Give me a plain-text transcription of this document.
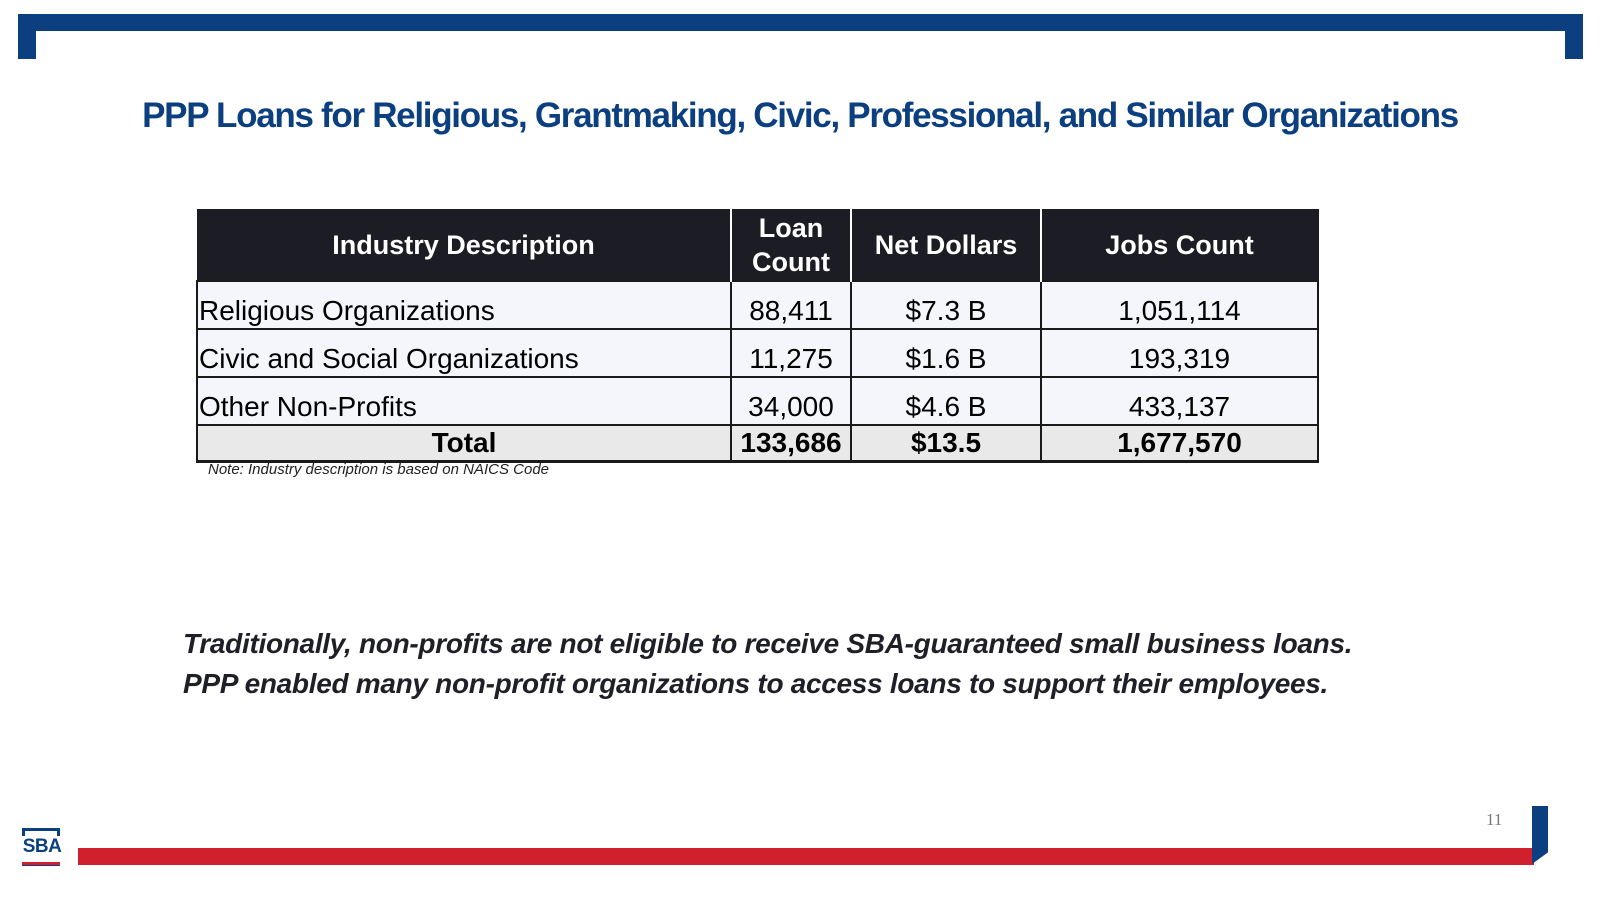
PPP Loans for Religious, Grantmaking, Civic, Professional, and Similar Organizations
Industry Description	Loan Count	Net Dollars	Jobs Count
Religious Organizations	88,411	$7.3 B	1,051,114
Civic and Social Organizations	11,275	$1.6 B	193,319
Other Non-Profits	34,000	$4.6 B	433,137
Total	133,686	$13.5	1,677,570
Note: Industry description is based on NAICS Code
Traditionally, non-profits are not eligible to receive SBA-guaranteed small business loans.
PPP enabled many non-profit organizations to access loans to support their employees.
11
SBA
